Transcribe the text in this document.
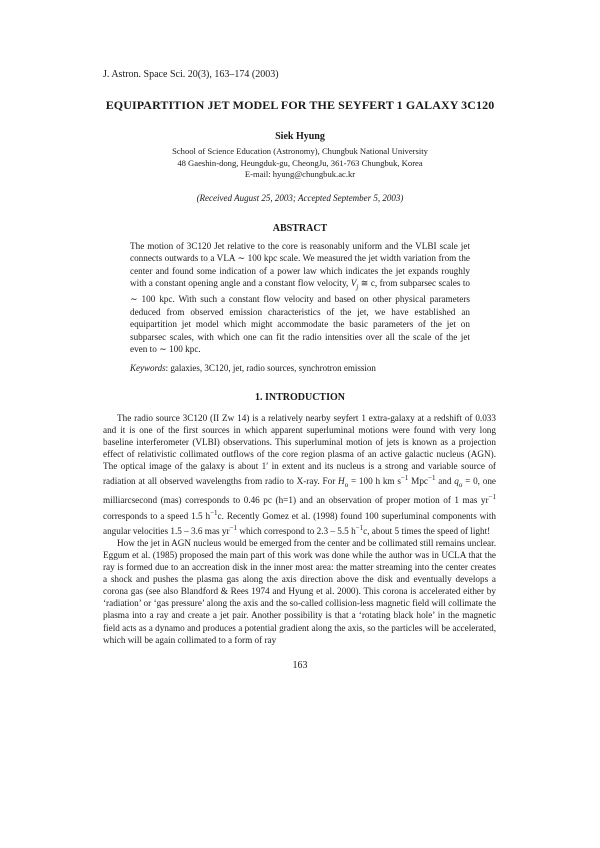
J. Astron. Space Sci. 20(3), 163–174 (2003)
EQUIPARTITION JET MODEL FOR THE SEYFERT 1 GALAXY 3C120
Siek Hyung
School of Science Education (Astronomy), Chungbuk National University
48 Gaeshin-dong, Heungduk-gu, CheongJu, 361-763 Chungbuk, Korea
E-mail: hyung@chungbuk.ac.kr
(Received August 25, 2003; Accepted September 5, 2003)
ABSTRACT
The motion of 3C120 Jet relative to the core is reasonably uniform and the VLBI scale jet connects outwards to a VLA ∼ 100 kpc scale. We measured the jet width variation from the center and found some indication of a power law which indicates the jet expands roughly with a constant opening angle and a constant flow velocity, $V_j$ ≅ c, from subparsec scales to ∼ 100 kpc. With such a constant flow velocity and based on other physical parameters deduced from observed emission characteristics of the jet, we have established an equipartition jet model which might accommodate the basic parameters of the jet on subparsec scales, with which one can fit the radio intensities over all the scale of the jet even to ∼ 100 kpc.
Keywords: galaxies, 3C120, jet, radio sources, synchrotron emission
1. INTRODUCTION

The radio source 3C120 (II Zw 14) is a relatively nearby seyfert 1 extra-galaxy at a redshift of 0.033 and it is one of the first sources in which apparent superluminal motions were found with very long baseline interferometer (VLBI) observations. This superluminal motion of jets is known as a projection effect of relativistic collimated outflows of the core region plasma of an active galactic nucleus (AGN). The optical image of the galaxy is about 1′ in extent and its nucleus is a strong and variable source of radiation at all observed wavelengths from radio to X-ray. For $H_o = 100$ h km $s^{-1}$ Mpc$^{-1}$ and $q_o = 0$, one milliarcsecond (mas) corresponds to 0.46 pc (h=1) and an observation of proper motion of 1 mas $yr^{-1}$ corresponds to a speed 1.5 $h^{-1}c$. Recently Gomez et al. (1998) found 100 superluminal components with angular velocities 1.5 – 3.6 mas $yr^{-1}$ which correspond to 2.3 – 5.5 $h^{-1}c$, about 5 times the speed of light!

How the jet in AGN nucleus would be emerged from the center and be collimated still remains unclear. Eggum et al. (1985) proposed the main part of this work was done while the author was in UCLA that the ray is formed due to an accreation disk in the inner most area: the matter streaming into the center creates a shock and pushes the plasma gas along the axis direction above the disk and eventually develops a corona gas (see also Blandford & Rees 1974 and Hyung et al. 2000). This corona is accelerated either by ‘radiation’ or ‘gas pressure’ along the axis and the so-called collision-less magnetic field will collimate the plasma into a ray and create a jet pair. Another possibility is that a ‘rotating black hole’ in the magnetic field acts as a dynamo and produces a potential gradient along the axis, so the particles will be accelerated, which will be again collimated to a form of ray

163
